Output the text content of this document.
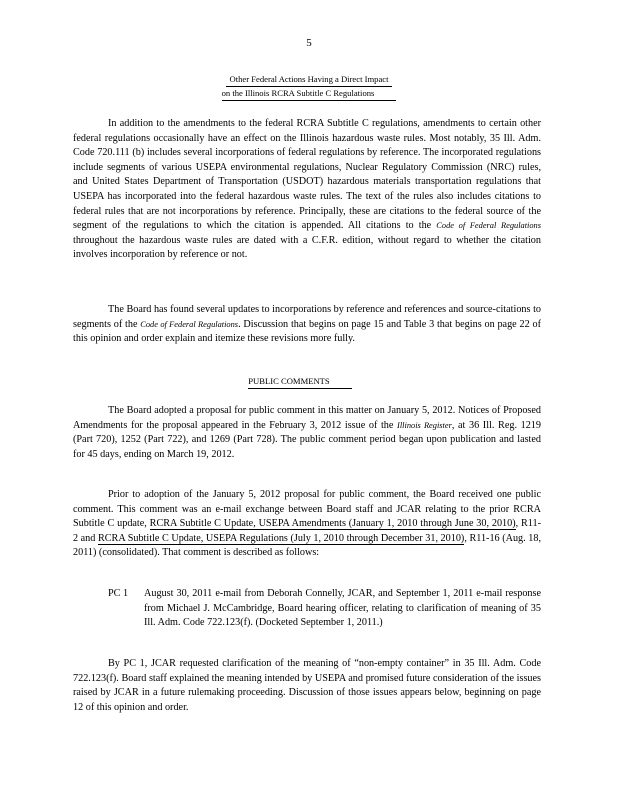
5
Other Federal Actions Having a Direct Impact
on the Illinois RCRA Subtitle C Regulations

In addition to the amendments to the federal RCRA Subtitle C regulations, amendments to certain other federal regulations occasionally have an effect on the Illinois hazardous waste rules. Most notably, 35 Ill. Adm. Code 720.111 (b) includes several incorporations of federal regulations by reference. The incorporated regulations include segments of various USEPA environmental regulations, Nuclear Regulatory Commission (NRC) rules, and United States Department of Transportation (USDOT) hazardous materials transportation regulations that USEPA has incorporated into the federal hazardous waste rules. The text of the rules also includes citations to federal rules that are not incorporations by reference. Principally, these are citations to the federal source of the segment of the regulations to which the citation is appended. All citations to the Code of Federal Regulations throughout the hazardous waste rules are dated with a C.F.R. edition, without regard to whether the citation involves incorporation by reference or not.

The Board has found several updates to incorporations by reference and references and source-citations to segments of the Code of Federal Regulations. Discussion that begins on page 15 and Table 3 that begins on page 22 of this opinion and order explain and itemize these revisions more fully.

PUBLIC COMMENTS

The Board adopted a proposal for public comment in this matter on January 5, 2012. Notices of Proposed Amendments for the proposal appeared in the February 3, 2012 issue of the Illinois Register, at 36 Ill. Reg. 1219 (Part 720), 1252 (Part 722), and 1269 (Part 728). The public comment period began upon publication and lasted for 45 days, ending on March 19, 2012.

Prior to adoption of the January 5, 2012 proposal for public comment, the Board received one public comment. This comment was an e-mail exchange between Board staff and JCAR relating to the prior RCRA Subtitle C update, RCRA Subtitle C Update, USEPA Amendments (January 1, 2010 through June 30, 2010), R11-2 and RCRA Subtitle C Update, USEPA Regulations (July 1, 2010 through December 31, 2010), R11-16 (Aug. 18, 2011) (consolidated). That comment is described as follows:

PC 1	August 30, 2011 e-mail from Deborah Connelly, JCAR, and September 1, 2011 e-mail response from Michael J. McCambridge, Board hearing officer, relating to clarification of meaning of 35 Ill. Adm. Code 722.123(f). (Docketed September 1, 2011.)

By PC 1, JCAR requested clarification of the meaning of “non-empty container” in 35 Ill. Adm. Code 722.123(f). Board staff explained the meaning intended by USEPA and promised future consideration of the issues raised by JCAR in a future rulemaking proceeding. Discussion of those issues appears below, beginning on page 12 of this opinion and order.
